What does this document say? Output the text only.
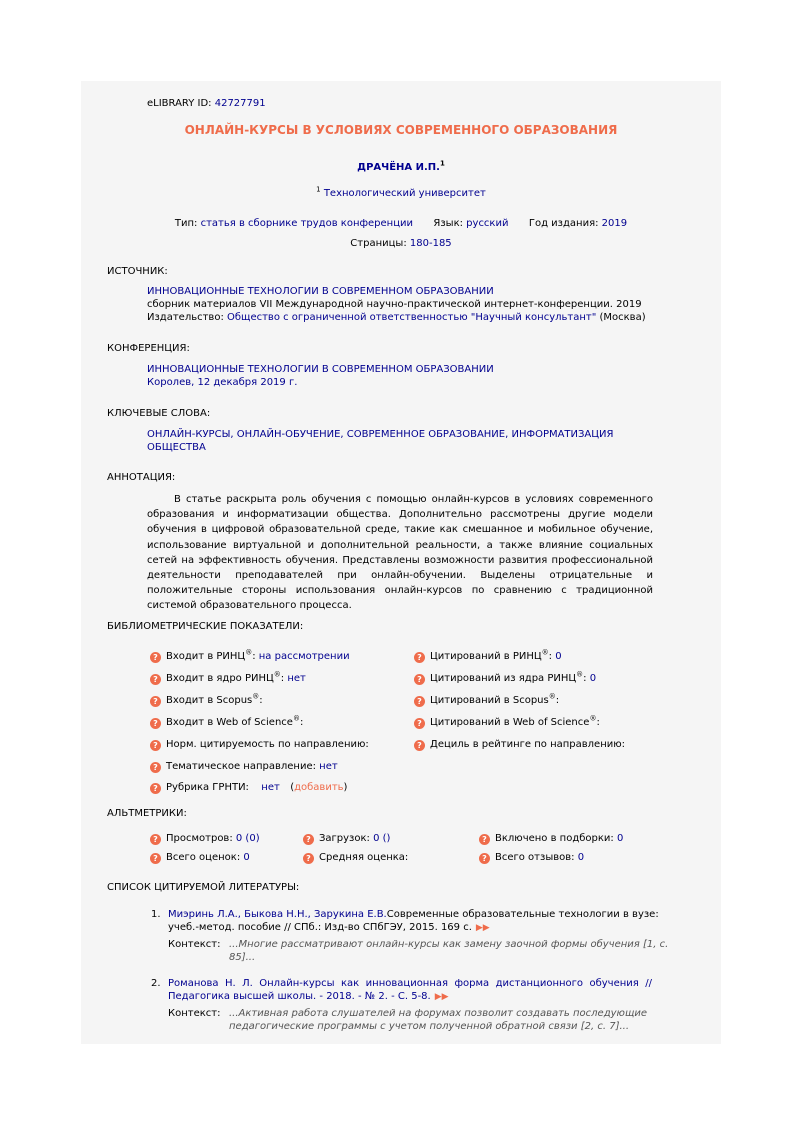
eLIBRARY ID: 42727791
ОНЛАЙН-КУРСЫ В УСЛОВИЯХ СОВРЕМЕННОГО ОБРАЗОВАНИЯ
ДРАЧЁНА И.П.$^1$
$^1$ Технологический университет
Тип: статья в сборнике трудов конференции Язык: русский Год издания: 2019
Страницы: 180-185
ИСТОЧНИК:
ИННОВАЦИОННЫЕ ТЕХНОЛОГИИ В СОВРЕМЕННОМ ОБРАЗОВАНИИ
сборник материалов VII Международной научно-практической интернет-конференции. 2019
Издательство: Общество с ограниченной ответственностью "Научный консультант" (Москва)
КОНФЕРЕНЦИЯ:
ИННОВАЦИОННЫЕ ТЕХНОЛОГИИ В СОВРЕМЕННОМ ОБРАЗОВАНИИ
Королев, 12 декабря 2019 г.
КЛЮЧЕВЫЕ СЛОВА:
ОНЛАЙН-КУРСЫ, ОНЛАЙН-ОБУЧЕНИЕ, СОВРЕМЕННОЕ ОБРАЗОВАНИЕ, ИНФОРМАТИЗАЦИЯ
ОБЩЕСТВА
АННОТАЦИЯ:
В статье раскрыта роль обучения с помощью онлайн-курсов в условиях современного образования и информатизации общества. Дополнительно рассмотрены другие модели обучения в цифровой образовательной среде, такие как смешанное и мобильное обучение, использование виртуальной и дополнительной реальности, а также влияние социальных сетей на эффективность обучения. Представлены возможности развития профессиональной деятельности преподавателей при онлайн-обучении. Выделены отрицательные и положительные стороны использования онлайн-курсов по сравнению с традиционной системой образовательного процесса.
БИБЛИОМЕТРИЧЕСКИЕ ПОКАЗАТЕЛИ:
? Входит в РИНЦ®: на рассмотрении	? Цитирований в РИНЦ®: 0
? Входит в ядро РИНЦ®: нет	? Цитирований из ядра РИНЦ®: 0
? Входит в Scopus®:	? Цитирований в Scopus®:
? Входит в Web of Science®:	? Цитирований в Web of Science®:
? Норм. цитируемость по направлению:	? Дециль в рейтинге по направлению:
? Тематическое направление: нет
? Рубрика ГРНТИ: нет (добавить)
АЛЬТМЕТРИКИ:
? Просмотров: 0 (0)	? Загрузок: 0 ()	? Включено в подборки: 0
? Всего оценок: 0	? Средняя оценка:	? Всего отзывов: 0
СПИСОК ЦИТИРУЕМОЙ ЛИТЕРАТУРЫ:
1. Миэринь Л.А., Быкова Н.Н., Зарукина Е.В. Современные образовательные технологии в вузе:
учеб.-метод. пособие // СПб.: Изд-во СПбГЭУ, 2015. 169 с. ▶▶
Контекст: ...Многие рассматривают онлайн-курсы как замену заочной формы обучения [1, с.
85]...
2. Романова Н. Л. Онлайн-курсы как инновационная форма дистанционного обучения //
Педагогика высшей школы. - 2018. - № 2. - С. 5-8. ▶▶
Контекст: ...Активная работа слушателей на форумах позволит создавать последующие
педагогические программы с учетом полученной обратной связи [2, с. 7]...
